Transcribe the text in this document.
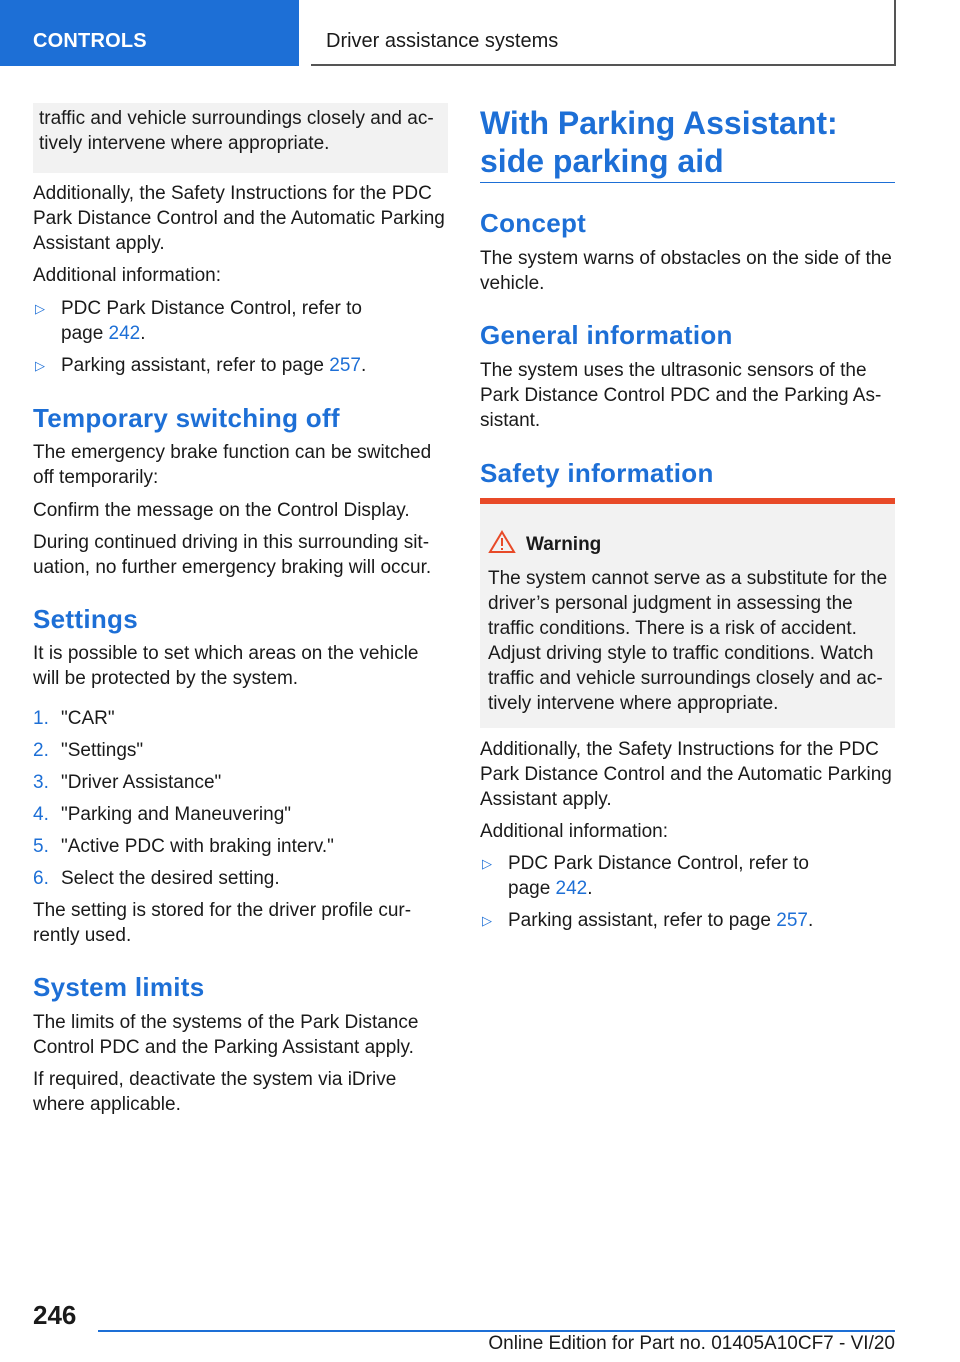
CONTROLS	Driver assistance systems

traffic and vehicle surroundings closely and ac-
tively intervene where appropriate.

Additionally, the Safety Instructions for the PDC Park Distance Control and the Automatic Parking Assistant apply.

Additional information:

▷ PDC Park Distance Control, refer to
page 242.
▷ Parking assistant, refer to page 257.
Temporary switching off

The emergency brake function can be switched off temporarily:

Confirm the message on the Control Display.

During continued driving in this surrounding sit-
uation, no further emergency braking will occur.

Settings

It is possible to set which areas on the vehicle will be protected by the system.

1. "CAR"
2. "Settings"
3. "Driver Assistance"
4. "Parking and Maneuvering"
5. "Active PDC with braking interv."
6. Select the desired setting.

The setting is stored for the driver profile cur-
rently used.

System limits

The limits of the systems of the Park Distance Control PDC and the Parking Assistant apply.

If required, deactivate the system via iDrive where applicable.

With Parking Assistant:
side parking aid
Concept

The system warns of obstacles on the side of the vehicle.

General information

The system uses the ultrasonic sensors of the Park Distance Control PDC and the Parking As-
sistant.

Safety information
Warning

The system cannot serve as a substitute for the driver’s personal judgment in assessing the traffic conditions. There is a risk of accident. Adjust driving style to traffic conditions. Watch traffic and vehicle surroundings closely and ac-
tively intervene where appropriate.

Additionally, the Safety Instructions for the PDC Park Distance Control and the Automatic Parking Assistant apply.

Additional information:

▷ PDC Park Distance Control, refer to
page 242.
▷ Parking assistant, refer to page 257.
246
Online Edition for Part no. 01405A10CF7 - VI/20
